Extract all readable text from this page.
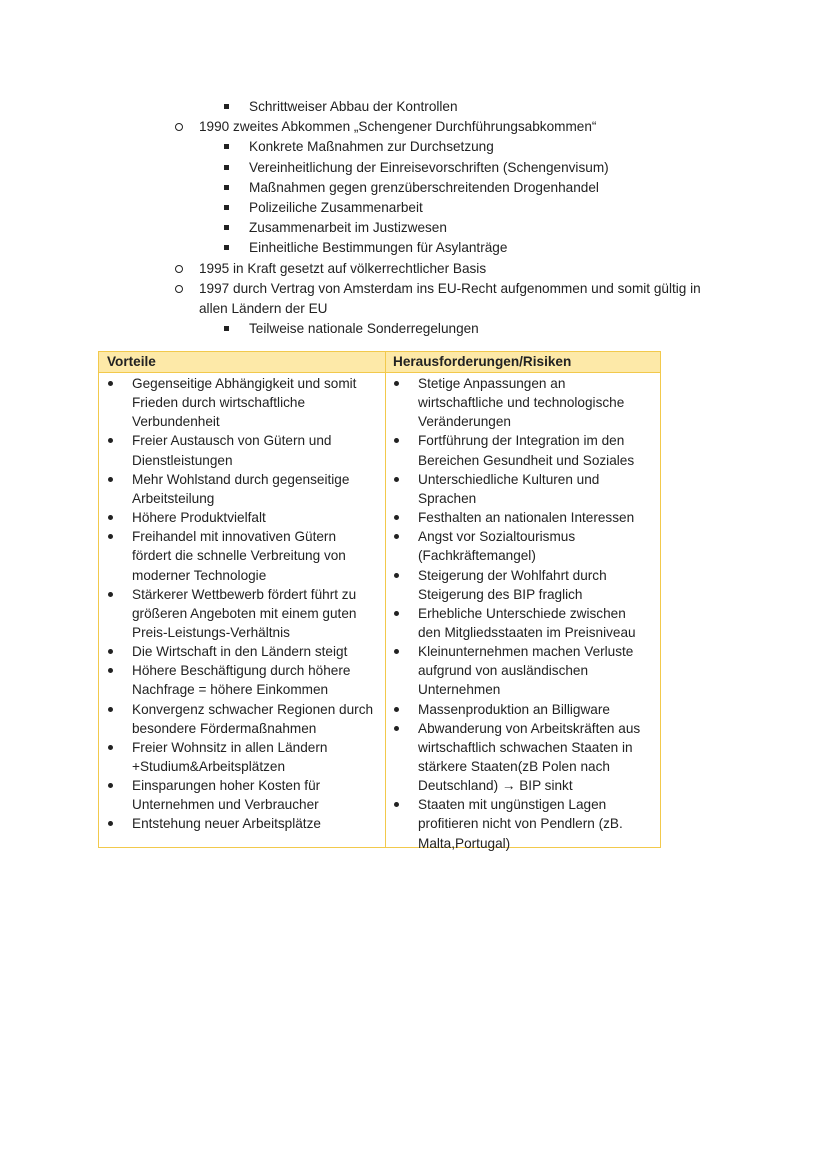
Schrittweiser Abbau der Kontrollen
1990 zweites Abkommen „Schengener Durchführungsabkommen“
Konkrete Maßnahmen zur Durchsetzung
Vereinheitlichung der Einreisevorschriften (Schengenvisum)
Maßnahmen gegen grenzüberschreitenden Drogenhandel
Polizeiliche Zusammenarbeit
Zusammenarbeit im Justizwesen
Einheitliche Bestimmungen für Asylanträge
1995 in Kraft gesetzt auf völkerrechtlicher Basis
1997 durch Vertrag von Amsterdam ins EU-Recht aufgenommen und somit gültig in
allen Ländern der EU
Teilweise nationale Sonderregelungen
Vorteile	Herausforderungen/Risiken
Gegenseitige Abhängigkeit und somit
Frieden durch wirtschaftliche
Verbundenheit
Freier Austausch von Gütern und
Dienstleistungen
Mehr Wohlstand durch gegenseitige
Arbeitsteilung
Höhere Produktvielfalt
Freihandel mit innovativen Gütern
fördert die schnelle Verbreitung von
moderner Technologie
Stärkerer Wettbewerb fördert führt zu
größeren Angeboten mit einem guten
Preis-Leistungs-Verhältnis
Die Wirtschaft in den Ländern steigt
Höhere Beschäftigung durch höhere
Nachfrage = höhere Einkommen
Konvergenz schwacher Regionen durch
besondere Fördermaßnahmen
Freier Wohnsitz in allen Ländern
+Studium&Arbeitsplätzen
Einsparungen hoher Kosten für
Unternehmen und Verbraucher
Entstehung neuer Arbeitsplätze
Stetige Anpassungen an
wirtschaftliche und technologische
Veränderungen
Fortführung der Integration im den
Bereichen Gesundheit und Soziales
Unterschiedliche Kulturen und
Sprachen
Festhalten an nationalen Interessen
Angst vor Sozialtourismus
(Fachkräftemangel)
Steigerung der Wohlfahrt durch
Steigerung des BIP fraglich
Erhebliche Unterschiede zwischen
den Mitgliedsstaaten im Preisniveau
Kleinunternehmen machen Verluste
aufgrund von ausländischen
Unternehmen
Massenproduktion an Billigware
Abwanderung von Arbeitskräften aus
wirtschaftlich schwachen Staaten in
stärkere Staaten(zB Polen nach
Deutschland) → BIP sinkt
Staaten mit ungünstigen Lagen
profitieren nicht von Pendlern (zB.
Malta,Portugal)
